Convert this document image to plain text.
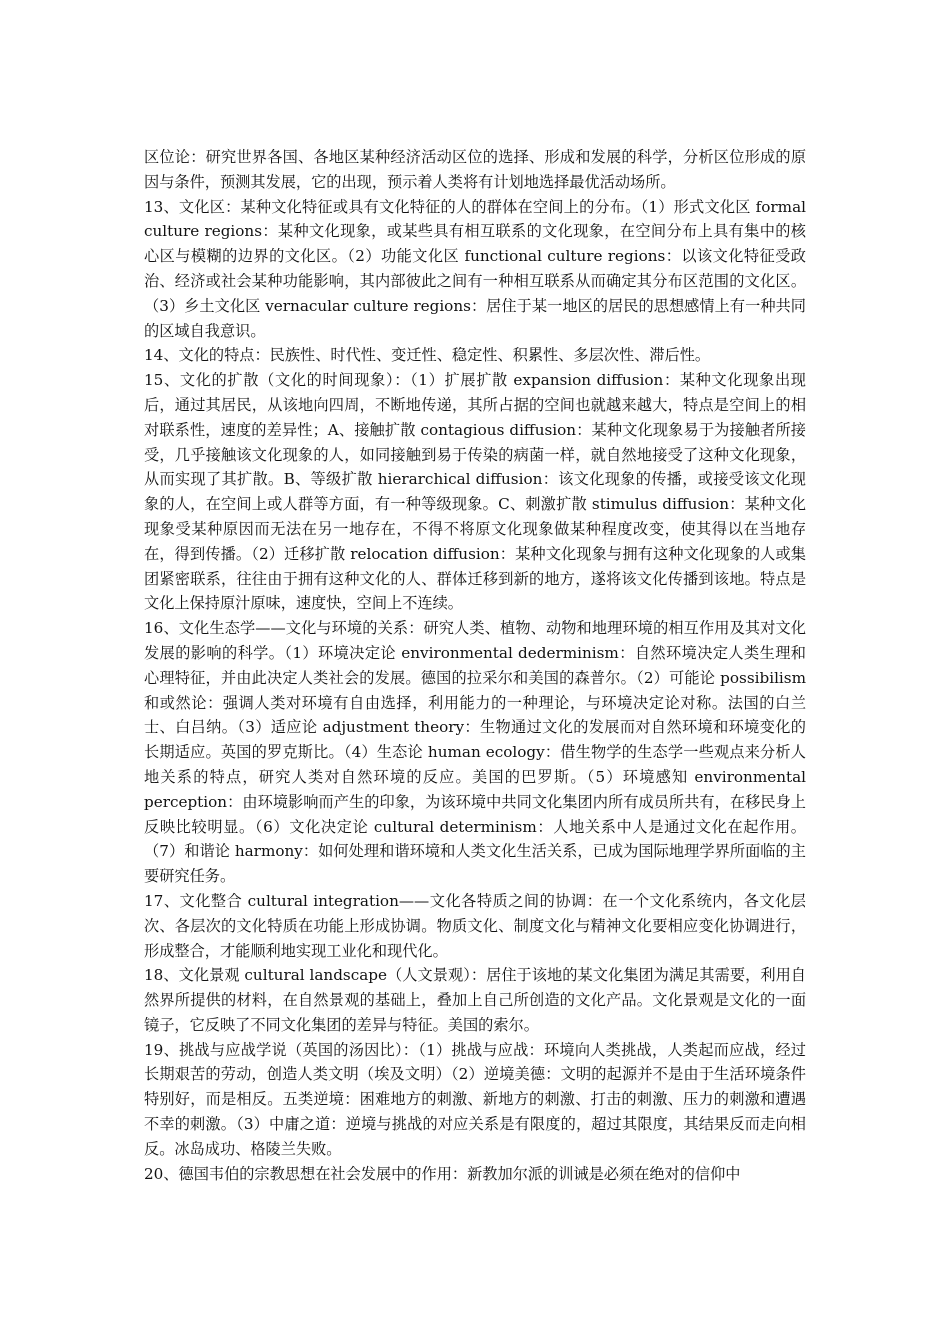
区位论：研究世界各国、各地区某种经济活动区位的选择、形成和发展的科学，分析区位形成的原因与条件，预测其发展，它的出现，预示着人类将有计划地选择最优活动场所。

13、文化区：某种文化特征或具有文化特征的人的群体在空间上的分布。（1）形式文化区 formal culture regions：某种文化现象，或某些具有相互联系的文化现象，在空间分布上具有集中的核心区与模糊的边界的文化区。（2）功能文化区 functional culture regions：以该文化特征受政治、经济或社会某种功能影响，其内部彼此之间有一种相互联系从而确定其分布区范围的文化区。（3）乡土文化区 vernacular culture regions：居住于某一地区的居民的思想感情上有一种共同的区域自我意识。

14、文化的特点：民族性、时代性、变迁性、稳定性、积累性、多层次性、滞后性。

15、文化的扩散（文化的时间现象）：（1）扩展扩散 expansion diffusion：某种文化现象出现后，通过其居民，从该地向四周，不断地传递，其所占据的空间也就越来越大，特点是空间上的相对联系性，速度的差异性；A、接触扩散 contagious diffusion：某种文化现象易于为接触者所接受，几乎接触该文化现象的人，如同接触到易于传染的病菌一样，就自然地接受了这种文化现象，从而实现了其扩散。B、等级扩散 hierarchical diffusion：该文化现象的传播，或接受该文化现象的人，在空间上或人群等方面，有一种等级现象。C、刺激扩散 stimulus diffusion：某种文化现象受某种原因而无法在另一地存在，不得不将原文化现象做某种程度改变，使其得以在当地存在，得到传播。（2）迁移扩散 relocation diffusion：某种文化现象与拥有这种文化现象的人或集团紧密联系，往往由于拥有这种文化的人、群体迁移到新的地方，遂将该文化传播到该地。特点是文化上保持原汁原味，速度快，空间上不连续。

16、文化生态学——文化与环境的关系：研究人类、植物、动物和地理环境的相互作用及其对文化发展的影响的科学。（1）环境决定论 environmental dederminism：自然环境决定人类生理和心理特征，并由此决定人类社会的发展。德国的拉采尔和美国的森普尔。（2）可能论 possibilism 和或然论：强调人类对环境有自由选择，利用能力的一种理论，与环境决定论对称。法国的白兰士、白吕纳。（3）适应论 adjustment theory：生物通过文化的发展而对自然环境和环境变化的长期适应。英国的罗克斯比。（4）生态论 human ecology：借生物学的生态学一些观点来分析人地关系的特点，研究人类对自然环境的反应。美国的巴罗斯。（5）环境感知 environmental perception：由环境影响而产生的印象，为该环境中共同文化集团内所有成员所共有，在移民身上反映比较明显。（6）文化决定论 cultural determinism：人地关系中人是通过文化在起作用。（7）和谐论 harmony：如何处理和谐环境和人类文化生活关系，已成为国际地理学界所面临的主要研究任务。

17、文化整合 cultural integration——文化各特质之间的协调：在一个文化系统内，各文化层次、各层次的文化特质在功能上形成协调。物质文化、制度文化与精神文化要相应变化协调进行，形成整合，才能顺利地实现工业化和现代化。

18、文化景观 cultural landscape（人文景观）：居住于该地的某文化集团为满足其需要，利用自然界所提供的材料，在自然景观的基础上，叠加上自己所创造的文化产品。文化景观是文化的一面镜子，它反映了不同文化集团的差异与特征。美国的索尔。

19、挑战与应战学说（英国的汤因比）：（1）挑战与应战：环境向人类挑战，人类起而应战，经过长期艰苦的劳动，创造人类文明（埃及文明）（2）逆境美德：文明的起源并不是由于生活环境条件特别好，而是相反。五类逆境：困难地方的刺激、新地方的刺激、打击的刺激、压力的刺激和遭遇不幸的刺激。（3）中庸之道：逆境与挑战的对应关系是有限度的，超过其限度，其结果反而走向相反。冰岛成功、格陵兰失败。

20、德国韦伯的宗教思想在社会发展中的作用：新教加尔派的训诫是必须在绝对的信仰中
